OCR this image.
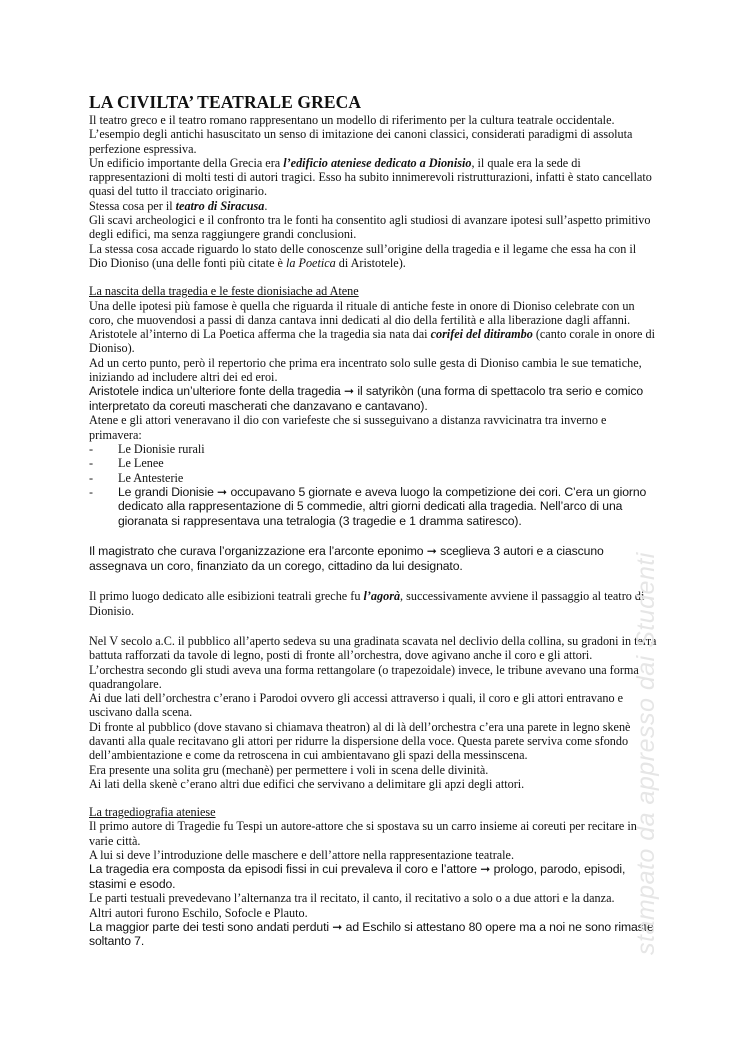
LA CIVILTA’ TEATRALE GRECA

Il teatro greco e il teatro romano rappresentano un modello di riferimento per la cultura teatrale occidentale. L’esempio degli antichi hasuscitato un senso di imitazione dei canoni classici, considerati paradigmi di assoluta perfezione espressiva.

Un edificio importante della Grecia era l’edificio ateniese dedicato a Dionisio, il quale era la sede di rappresentazioni di molti testi di autori tragici. Esso ha subito innimerevoli ristrutturazioni, infatti è stato cancellato quasi del tutto il tracciato originario.

Stessa cosa per il teatro di Siracusa.

Gli scavi archeologici e il confronto tra le fonti ha consentito agli studiosi di avanzare ipotesi sull’aspetto primitivo degli edifici, ma senza raggiungere grandi conclusioni.

La stessa cosa accade riguardo lo stato delle conoscenze sull’origine della tragedia e il legame che essa ha con il Dio Dioniso (una delle fonti più citate è la Poetica di Aristotele).

La nascita della tragedia e le feste dionisiache ad Atene

Una delle ipotesi più famose è quella che riguarda il rituale di antiche feste in onore di Dioniso celebrate con un coro, che muovendosi a passi di danza cantava inni dedicati al dio della fertilità e alla liberazione dagli affanni.

Aristotele al’interno di La Poetica afferma che la tragedia sia nata dai corifei del ditirambo (canto corale in onore di Dioniso).

Ad un certo punto, però il repertorio che prima era incentrato solo sulle gesta di Dioniso cambia le sue tematiche, iniziando ad includere altri dei ed eroi.

Aristotele indica un’ulteriore fonte della tragedia ➞ il satyrikòn (una forma di spettacolo tra serio e comico interpretato da coreuti mascherati che danzavano e cantavano).

Atene e gli attori veneravano il dio con variefeste che si susseguivano a distanza ravvicinatra tra inverno e primavera:

- Le Dionisie rurali
- Le Lenee
- Le Antesterie
- Le grandi Dionisie ➞ occupavano 5 giornate e aveva luogo la competizione dei cori. C’era un giorno dedicato alla rappresentazione di 5 commedie, altri giorni dedicati alla tragedia. Nell’arco di una gioranata si rappresentava una tetralogia (3 tragedie e 1 dramma satiresco).

Il magistrato che curava l’organizzazione era l’arconte eponimo ➞ sceglieva 3 autori e a ciascuno assegnava un coro, finanziato da un corego, cittadino da lui designato.

Il primo luogo dedicato alle esibizioni teatrali greche fu l’agorà, successivamente avviene il passaggio al teatro di Dionisio.

Nel V secolo a.C. il pubblico all’aperto sedeva su una gradinata scavata nel declivio della collina, su gradoni in terra battuta rafforzati da tavole di legno, posti di fronte all’orchestra, dove agivano anche il coro e gli attori.

L’orchestra secondo gli studi aveva una forma rettangolare (o trapezoidale) invece, le tribune avevano una forma quadrangolare.

Ai due lati dell’orchestra c’erano i Parodoi ovvero gli accessi attraverso i quali, il coro e gli attori entravano e uscivano dalla scena.

Di fronte al pubblico (dove stavano si chiamava theatron) al di là dell’orchestra c’era una parete in legno skenè davanti alla quale recitavano gli attori per ridurre la dispersione della voce. Questa parete serviva come sfondo dell’ambientazione e come da retroscena in cui ambientavano gli spazi della messinscena.

Era presente una solita gru (mechanè) per permettere i voli in scena delle divinità.

Ai lati della skenè c’erano altri due edifici che servivano a delimitare gli apzi degli attori.

La tragediografia ateniese

Il primo autore di Tragedie fu Tespi un autore-attore che si spostava su un carro insieme ai coreuti per recitare in varie città.

A lui si deve l’introduzione delle maschere e dell’attore nella rappresentazione teatrale.

La tragedia era composta da episodi fissi in cui prevaleva il coro e l’attore ➞ prologo, parodo, episodi, stasimi e esodo.

Le parti testuali prevedevano l’alternanza tra il recitato, il canto, il recitativo a solo o a due attori e la danza.

Altri autori furono Eschilo, Sofocle e Plauto.

La maggior parte dei testi sono andati perduti ➞ ad Eschilo si attestano 80 opere ma a noi ne sono rimaste soltanto 7.	stampato da appresso dai Studenti
